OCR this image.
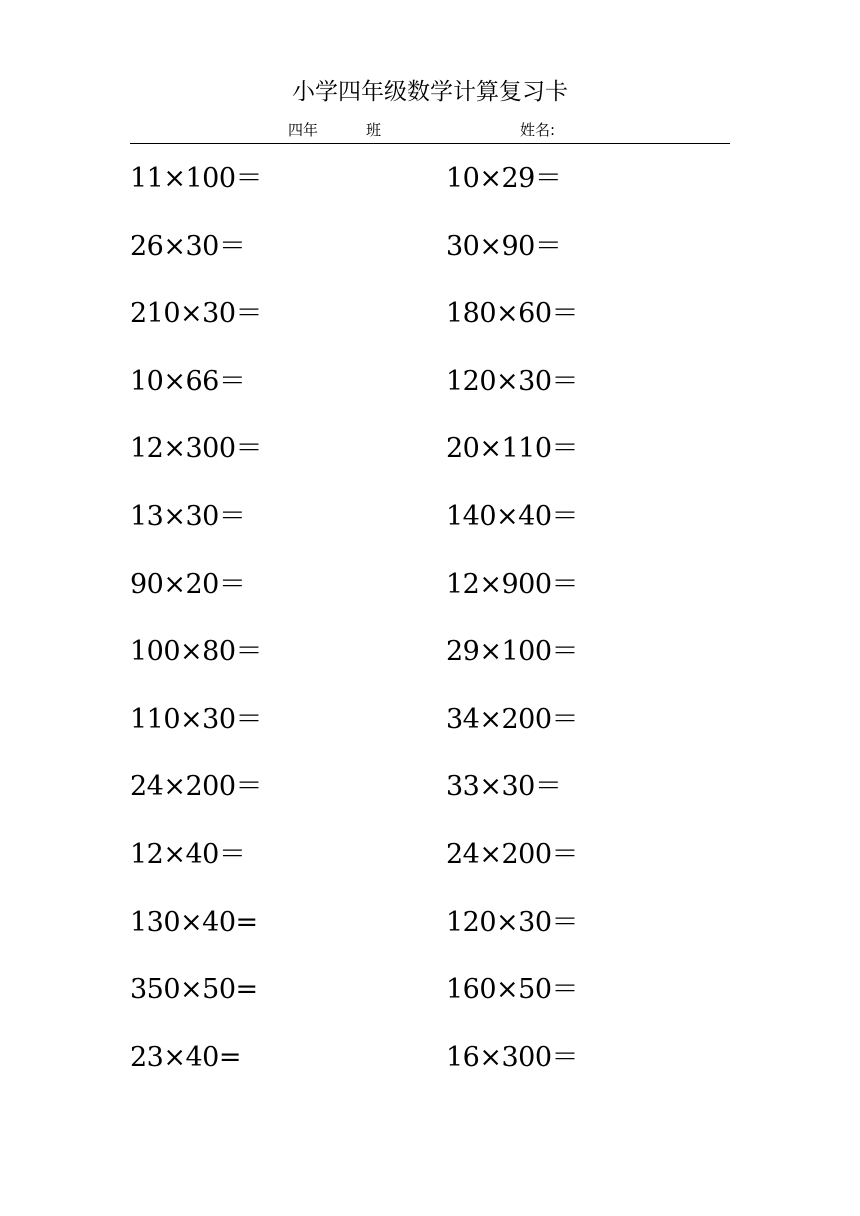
小学四年级数学计算复习卡
四年	班	姓名:
11×100＝	10×29＝
26×30＝	30×90＝
210×30＝	180×60＝
10×66＝	120×30＝
12×300＝	20×110＝
13×30＝	140×40＝
90×20＝	12×900＝
100×80＝	29×100＝
110×30＝	34×200＝
24×200＝	33×30＝
12×40＝	24×200＝
130×40=	120×30＝
350×50=	160×50＝
23×40=	16×300＝
